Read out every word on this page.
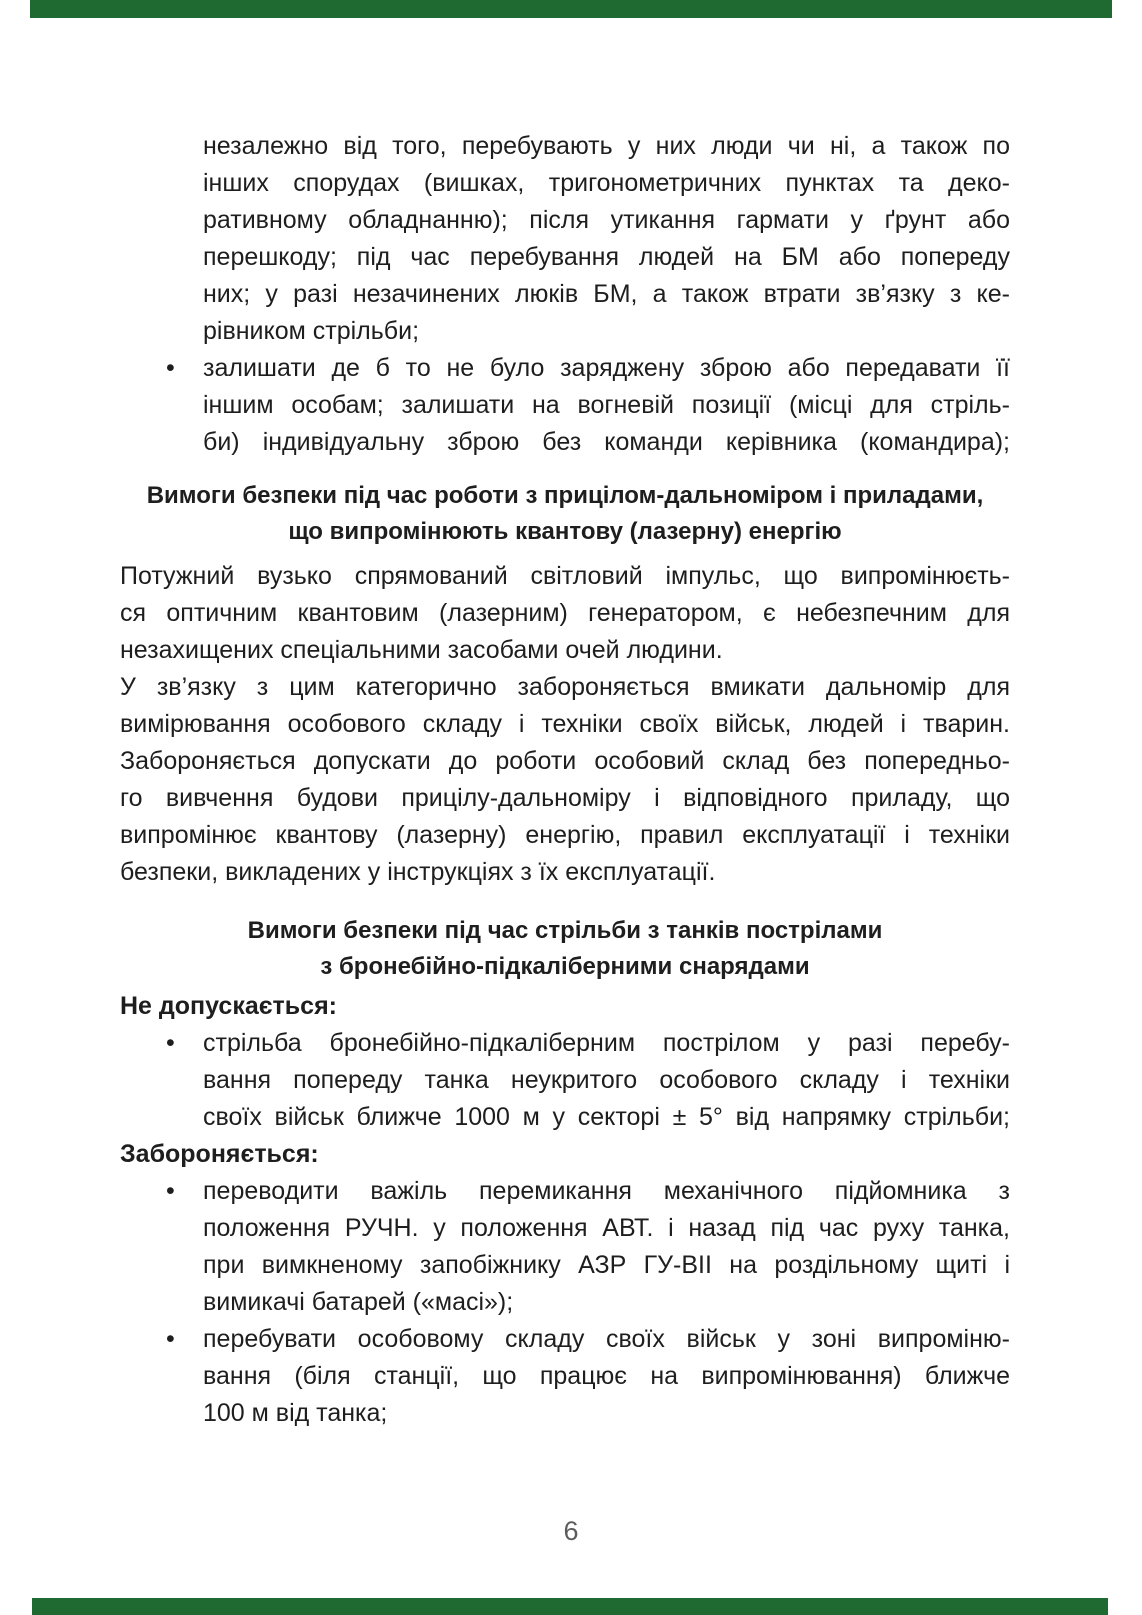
незалежно від того, перебувають у них люди чи ні, а також по
інших спорудах (вишках, тригонометричних пунктах та деко-
ративному обладнанню); після утикання гармати у ґрунт або
перешкоду; під час перебування людей на БМ або попереду
них; у разі незачинених люків БМ, а також втрати зв’язку з ке-
рівником стрільби;
• залишати де б то не було заряджену зброю або передавати її
іншим особам; залишати на вогневій позиції (місці для стріль-
би) індивідуальну зброю без команди керівника (командира);
Вимоги безпеки під час роботи з прицілом-дальноміром і приладами,
що випромінюють квантову (лазерну) енергію
Потужний вузько спрямований світловий імпульс, що випромінюєть-
ся оптичним квантовим (лазерним) генератором, є небезпечним для
незахищених спеціальними засобами очей людини.
У зв’язку з цим категорично забороняється вмикати дальномір для
вимірювання особового складу і техніки своїх військ, людей і тварин.
Забороняється допускати до роботи особовий склад без попередньо-
го вивчення будови прицілу-дальноміру і відповідного приладу, що
випромінює квантову (лазерну) енергію, правил експлуатації і техніки
безпеки, викладених у інструкціях з їх експлуатації.
Вимоги безпеки під час стрільби з танків пострілами
з бронебійно-підкаліберними снарядами
Не допускається:
• стрільба бронебійно-підкаліберним пострілом у разі перебу-
вання попереду танка неукритого особового складу і техніки
своїх військ ближче 1000 м у секторі ± 5° від напрямку стрільби;
Забороняється:
• переводити важіль перемикання механічного підйомника з
положення РУЧН. у положення АВТ. і назад під час руху танка,
при вимкненому запобіжнику АЗР ГУ-ВІІ на роздільному щиті і
вимикачі батарей («масі»);
• перебувати особовому складу своїх військ у зоні випроміню-
вання (біля станції, що працює на випромінювання) ближче
100 м від танка;
6
